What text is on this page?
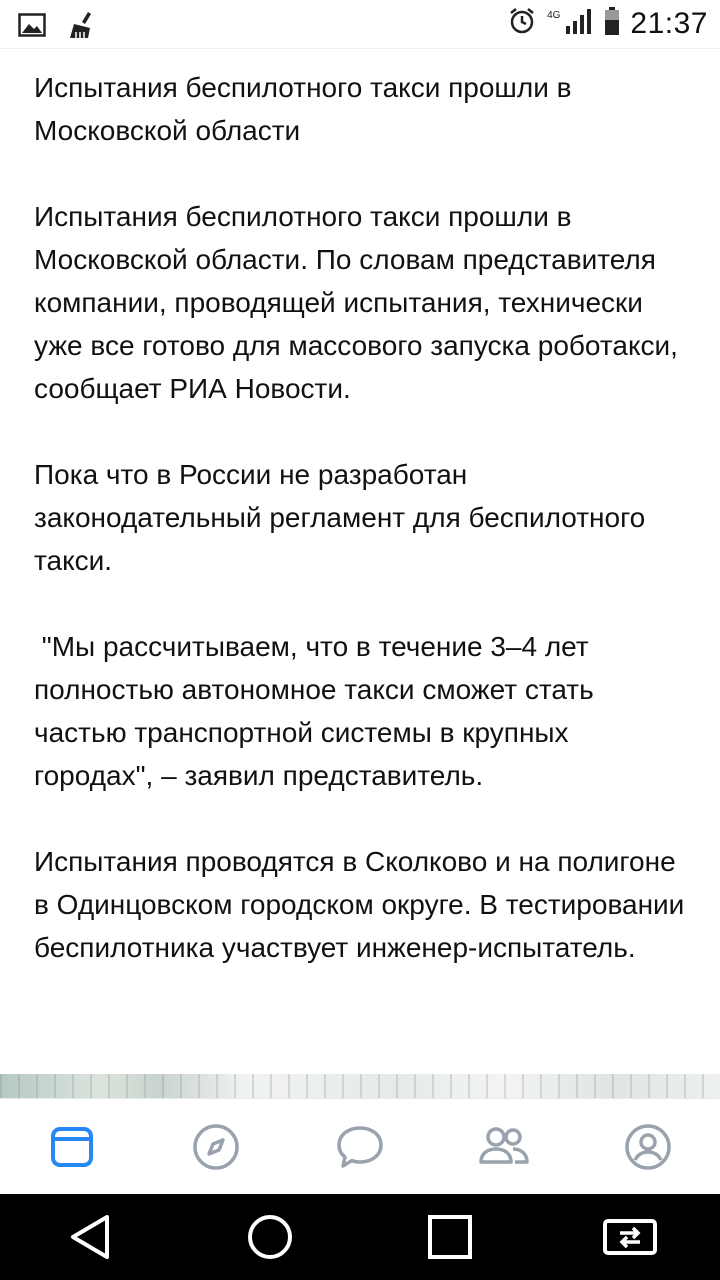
4G 21:37

Испытания беспилотного такси прошли в Московской области

Испытания беспилотного такси прошли в Московской области. По словам представителя компании, проводящей испытания, технически уже все готово для массового запуска роботакси, сообщает РИА Новости.

Пока что в России не разработан законодательный регламент для беспилотного такси.

"Мы рассчитываем, что в течение 3–4 лет полностью автономное такси сможет стать частью транспортной системы в крупных городах", – заявил представитель.

Испытания проводятся в Сколково и на полигоне в Одинцовском городском округе. В тестировании беспилотника участвует инженер-испытатель.
